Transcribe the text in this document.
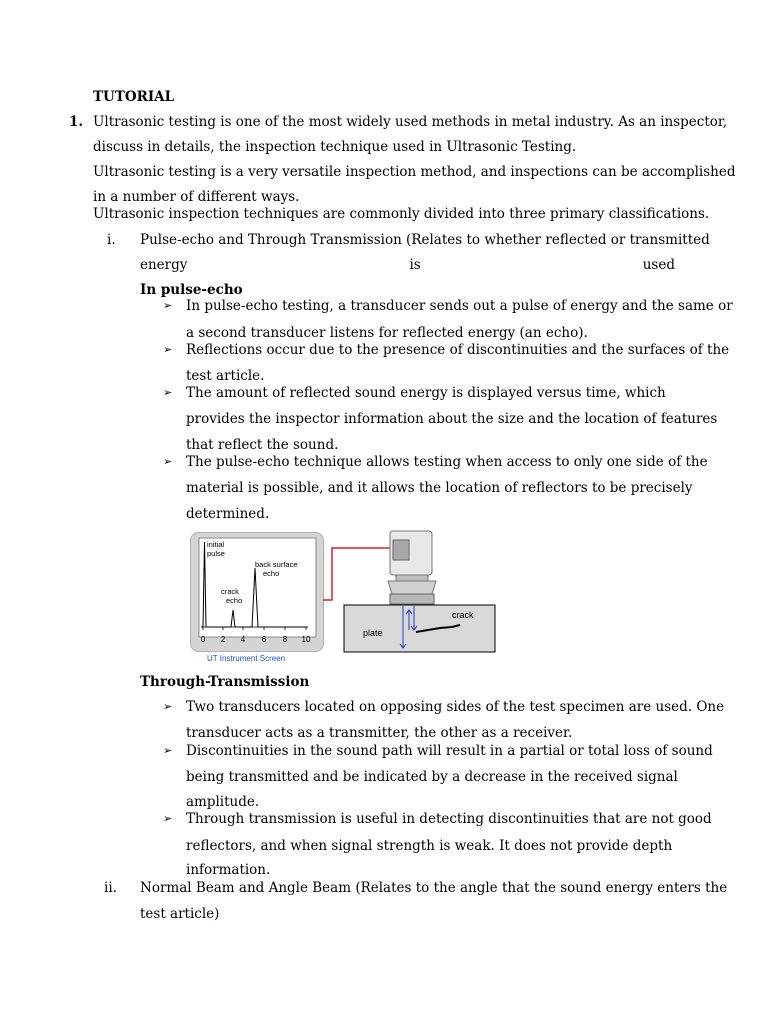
TUTORIAL
1. Ultrasonic testing is one of the most widely used methods in metal industry. As an inspector,
discuss in details, the inspection technique used in Ultrasonic Testing.
Ultrasonic testing is a very versatile inspection method, and inspections can be accomplished
in a number of different ways.
Ultrasonic inspection techniques are commonly divided into three primary classifications.
i. Pulse-echo and Through Transmission (Relates to whether reflected or transmitted
energy	is	used
In pulse-echo
➢ In pulse-echo testing, a transducer sends out a pulse of energy and the same or
a second transducer listens for reflected energy (an echo).
➢ Reflections occur due to the presence of discontinuities and the surfaces of the
test article.
➢ The amount of reflected sound energy is displayed versus time, which
provides the inspector information about the size and the location of features
that reflect the sound.
➢ The pulse-echo technique allows testing when access to only one side of the
material is possible, and it allows the location of reflectors to be precisely
determined.
initial
pulse
back surface
echo
crack
echo
0 2 4 6 8 10
UT Instrument Screen
plate
crack
Through-Transmission
➢ Two transducers located on opposing sides of the test specimen are used. One
transducer acts as a transmitter, the other as a receiver.
➢ Discontinuities in the sound path will result in a partial or total loss of sound
being transmitted and be indicated by a decrease in the received signal
amplitude.
➢ Through transmission is useful in detecting discontinuities that are not good
reflectors, and when signal strength is weak. It does not provide depth
information.
ii. Normal Beam and Angle Beam (Relates to the angle that the sound energy enters the
test article)
